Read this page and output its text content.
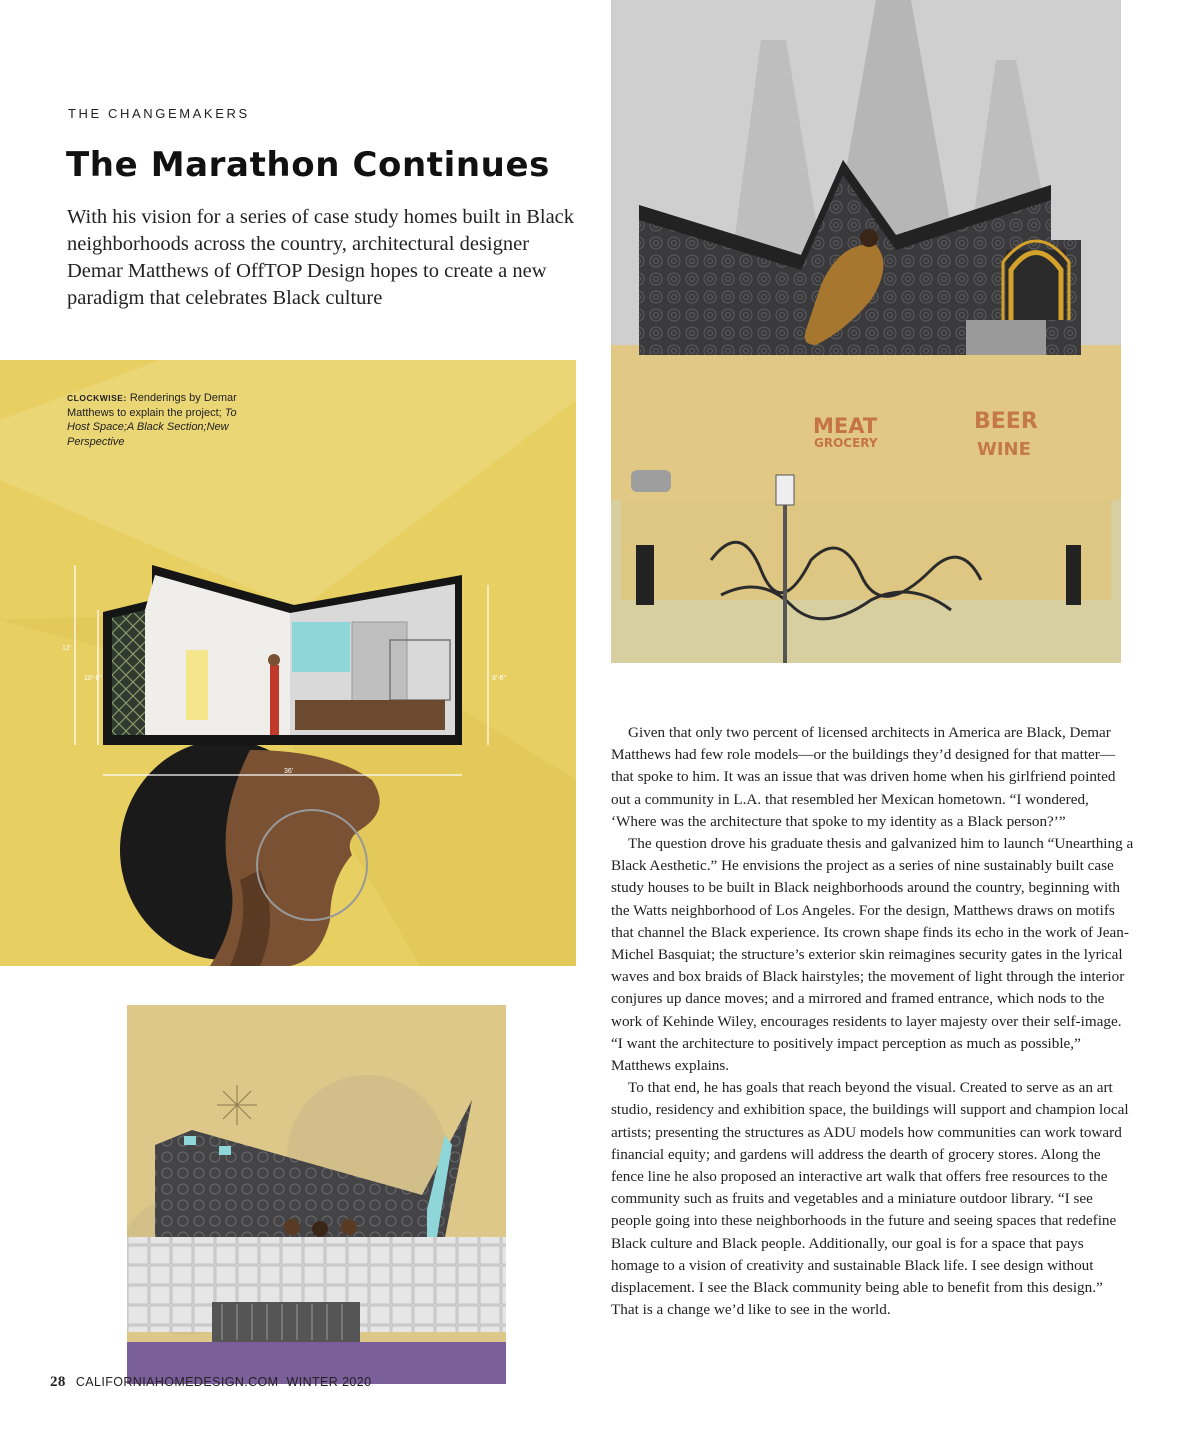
THE CHANGEMAKERS
The Marathon Continues

With his vision for a series of case study homes built in Black neighborhoods across the country, architectural designer Demar Matthews of OffTOP Design hopes to create a new paradigm that celebrates Black culture

12'
10'-6"	9'-6"
36'
CLOCKWISE: Renderings by Demar Matthews to explain the project; To Host Space;A Black Section;New Perspective
MEAT
GROCERY
BEER
WINE

Given that only two percent of licensed architects in America are Black, Demar Matthews had few role models—or the buildings they’d designed for that matter—that spoke to him. It was an issue that was driven home when his girlfriend pointed out a community in L.A. that resembled her Mexican hometown. “I wondered, ‘Where was the architecture that spoke to my identity as a Black person?’”

The question drove his graduate thesis and galvanized him to launch “Unearthing a Black Aesthetic.” He envisions the project as a series of nine sustainably built case study houses to be built in Black neighborhoods around the country, beginning with the Watts neighborhood of Los Angeles. For the design, Matthews draws on motifs that channel the Black experience. Its crown shape finds its echo in the work of Jean-Michel Basquiat; the structure’s exterior skin reimagines security gates in the lyrical waves and box braids of Black hairstyles; the movement of light through the interior conjures up dance moves; and a mirrored and framed entrance, which nods to the work of Kehinde Wiley, encourages residents to layer majesty over their self-image. “I want the architecture to positively impact perception as much as possible,” Matthews explains.

To that end, he has goals that reach beyond the visual. Created to serve as an art studio, residency and exhibition space, the buildings will support and champion local artists; presenting the structures as ADU models how communities can work toward financial equity; and gardens will address the dearth of grocery stores. Along the fence line he also proposed an interactive art walk that offers free resources to the community such as fruits and vegetables and a miniature outdoor library. “I see people going into these neighborhoods in the future and seeing spaces that redefine Black culture and Black people. Additionally, our goal is for a space that pays homage to a vision of creativity and sustainable Black life. I see design without displacement. I see the Black community being able to benefit from this design.” That is a change we’d like to see in the world.

28 CALIFORNIAHOMEDESIGN.COM WINTER 2020
